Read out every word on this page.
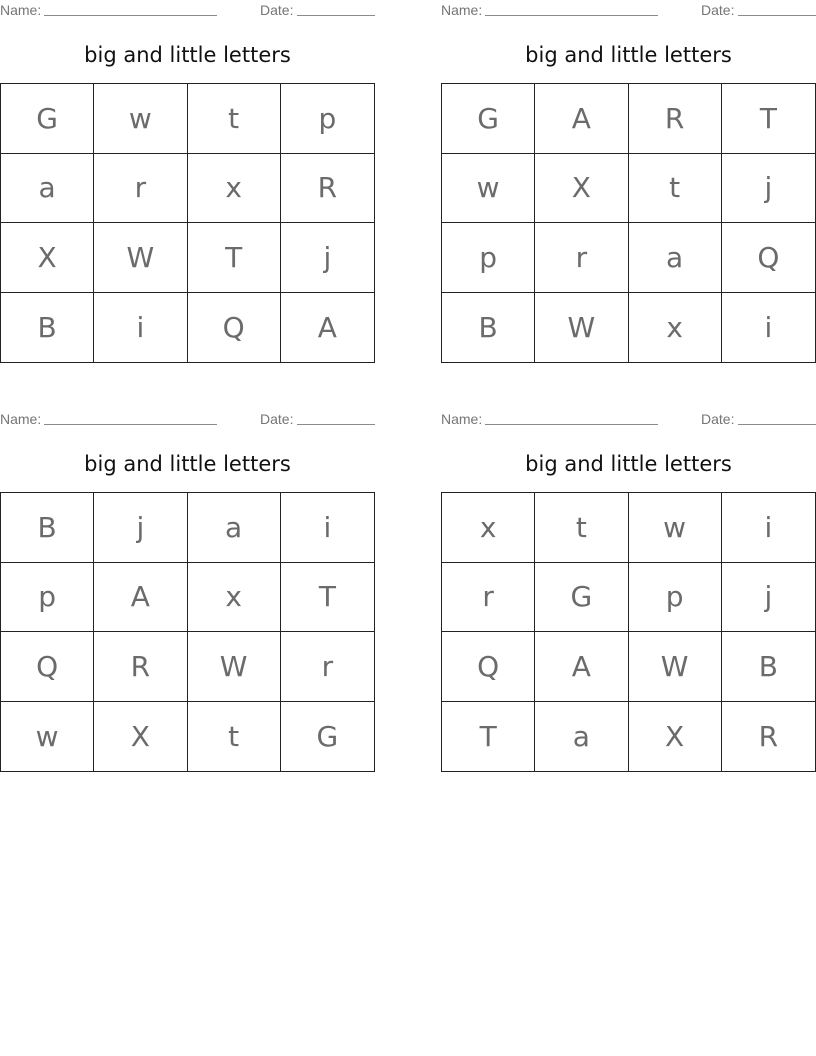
Name:	Date:
big and little letters
G	w	t	p
a	r	x	R
X	W	T	j
B	i	Q	A
Name:	Date:
big and little letters
G	A	R	T
w	X	t	j
p	r	a	Q
B	W	x	i
Name:	Date:
big and little letters
B	j	a	i
p	A	x	T
Q	R	W	r
w	X	t	G
Name:	Date:
big and little letters
x	t	w	i
r	G	p	j
Q	A	W	B
T	a	X	R
